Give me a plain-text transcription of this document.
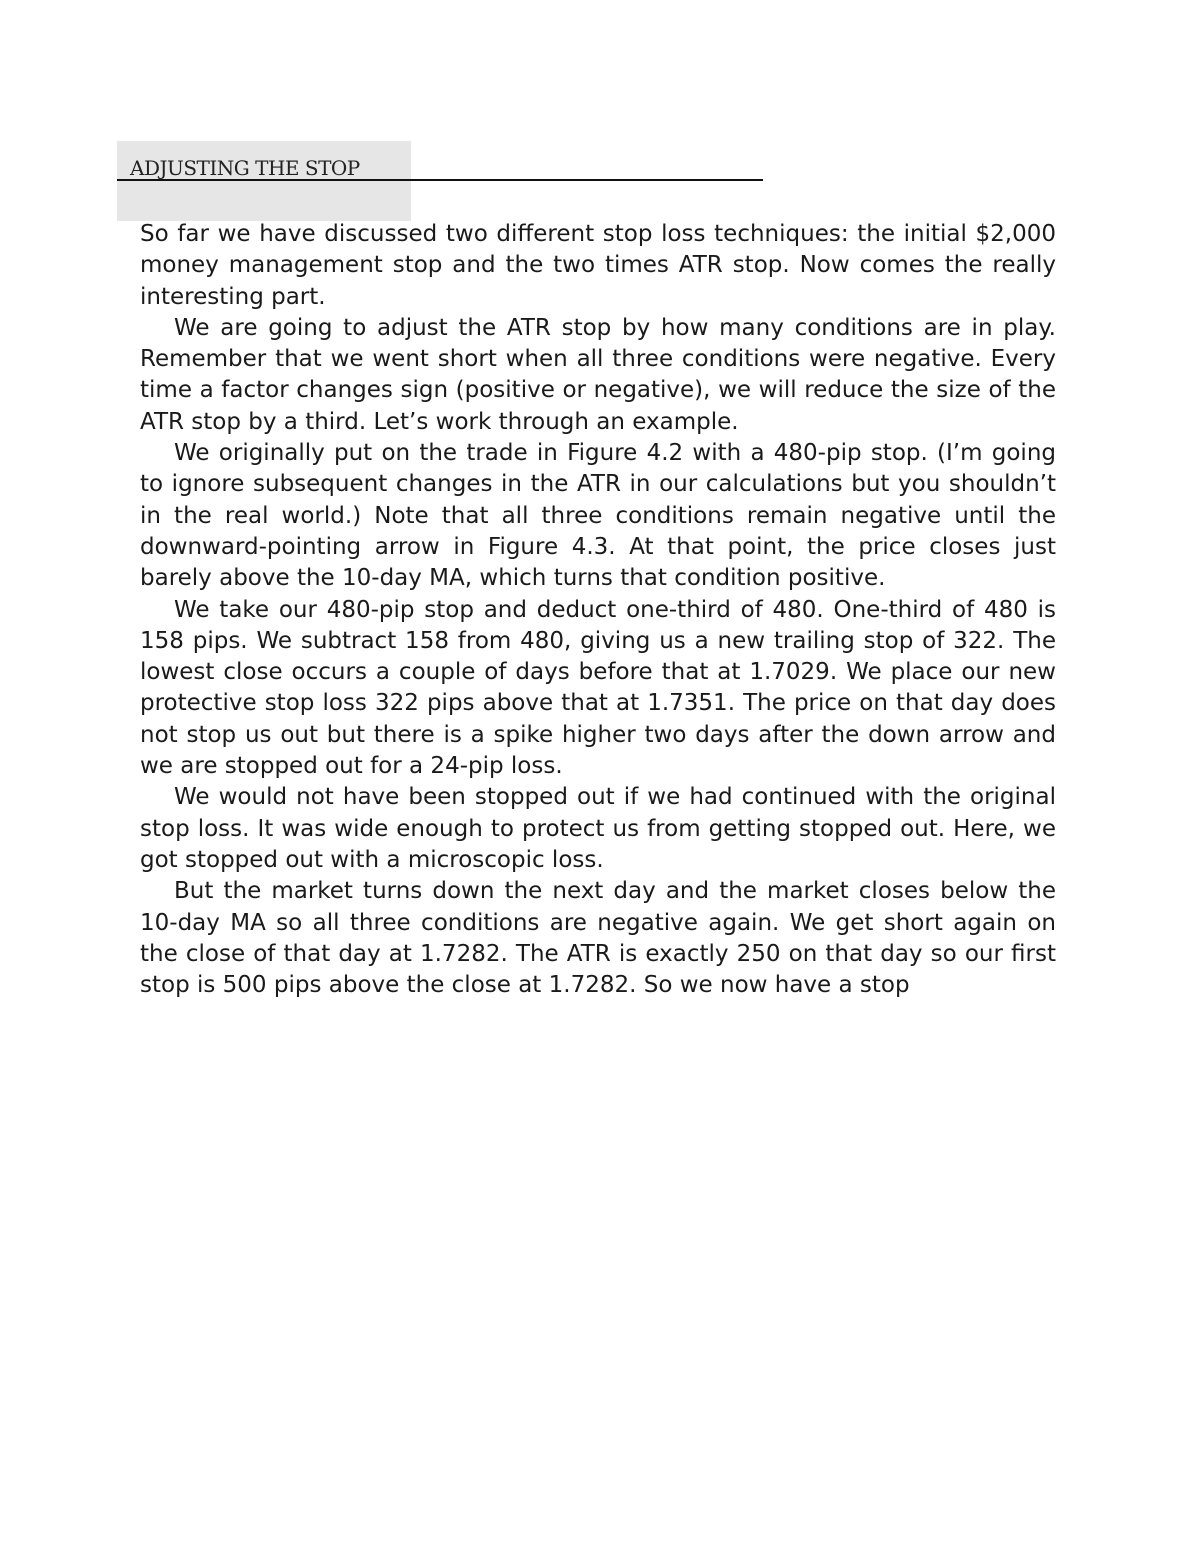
ADJUSTING THE STOP

So far we have discussed two different stop loss techniques: the initial $2,000 money management stop and the two times ATR stop. Now comes the really interesting part.

We are going to adjust the ATR stop by how many conditions are in play. Remember that we went short when all three conditions were negative. Every time a factor changes sign (positive or negative), we will reduce the size of the ATR stop by a third. Let’s work through an example.

We originally put on the trade in Figure 4.2 with a 480-pip stop. (I’m going to ignore subsequent changes in the ATR in our calculations but you shouldn’t in the real world.) Note that all three conditions remain negative until the downward-pointing arrow in Figure 4.3. At that point, the price closes just barely above the 10-day MA, which turns that condition positive.

We take our 480-pip stop and deduct one-third of 480. One-third of 480 is 158 pips. We subtract 158 from 480, giving us a new trailing stop of 322. The lowest close occurs a couple of days before that at 1.7029. We place our new protective stop loss 322 pips above that at 1.7351. The price on that day does not stop us out but there is a spike higher two days after the down arrow and we are stopped out for a 24-pip loss.

We would not have been stopped out if we had continued with the original stop loss. It was wide enough to protect us from getting stopped out. Here, we got stopped out with a microscopic loss.

But the market turns down the next day and the market closes below the 10-day MA so all three conditions are negative again. We get short again on the close of that day at 1.7282. The ATR is exactly 250 on that day so our first stop is 500 pips above the close at 1.7282. So we now have a stop
